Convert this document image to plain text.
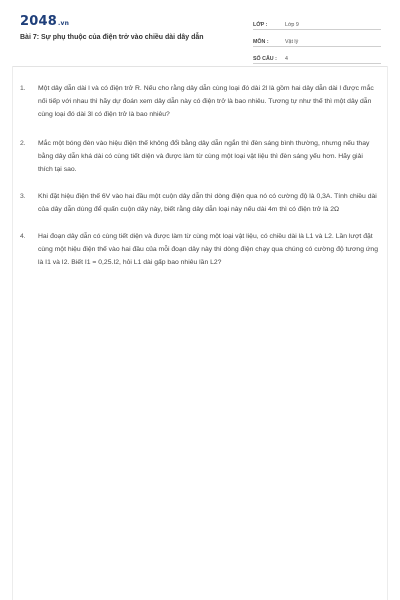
2048.vn
Bài 7: Sự phụ thuộc của điện trở vào chiều dài dây dẫn
LỚP :	Lớp 9
MÔN :	Vật lý
SỐ CÂU :	4
1.	Một dây dẫn dài l và có điện trở R. Nếu cho rằng dây dẫn cùng loại đó dài 2l là gồm hai dây dẫn dài l được mắc nối tiếp với nhau thì hãy dự đoán xem dây dẫn này có điện trở là bao nhiêu. Tương tự như thế thì một dây dẫn cùng loại đó dài 3l có điện trở là bao nhiêu?
2.	Mắc một bóng đèn vào hiệu điện thế không đổi bằng dây dẫn ngắn thì đèn sáng bình thường, nhưng nếu thay bằng dây dẫn khá dài có cùng tiết diện và được làm từ cùng một loại vật liệu thì đèn sáng yếu hơn. Hãy giải thích tại sao.
3.	Khi đặt hiệu điện thế 6V vào hai đầu một cuộn dây dẫn thì dòng điện qua nó có cường độ là 0,3A. Tính chiều dài của dây dẫn dùng để quấn cuộn dây này, biết rằng dây dẫn loại này nếu dài 4m thì có điện trở là 2Ω
4.	Hai đoạn dây dẫn có cùng tiết diện và được làm từ cùng một loại vật liệu, có chiều dài là L1 và L2. Lần lượt đặt cùng một hiệu điện thế vào hai đầu của mỗi đoạn dây này thì dòng điện chạy qua chúng có cường độ tương ứng là I1 và I2. Biết I1 = 0,25.I2, hỏi L1 dài gấp bao nhiêu lần L2?
